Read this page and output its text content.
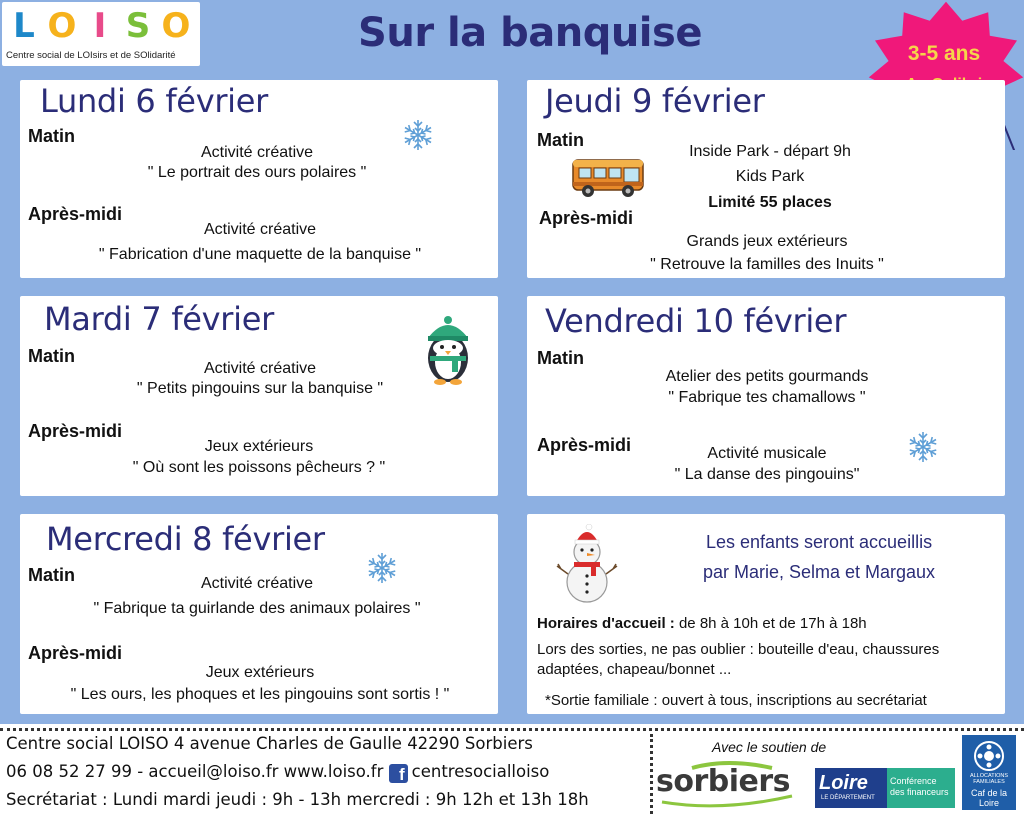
L O I S O
Centre social de LOIsirs et de SOlidarité	Sur la banquise	3-5 ans
Lundi 6 février
Matin
Activité créative
" Le portrait des ours polaires "
Après-midi
Activité créative
" Fabrication d'une maquette de la banquise "
Jeudi 9 février
Matin
Inside Park - départ 9h
Kids Park
Limité 55 places
Après-midi
Grands jeux extérieurs
" Retrouve la familles des Inuits "
Mardi 7 février
Matin
Activité créative
" Petits pingouins sur la banquise "
Après-midi
Jeux extérieurs
" Où sont les poissons pêcheurs ? "
Vendredi 10 février
Matin
Atelier des petits gourmands
" Fabrique tes chamallows "
Après-midi	Activité musicale
" La danse des pingouins"
Mercredi 8 février
Matin	Activité créative
" Fabrique ta guirlande des animaux polaires "
Après-midi
Jeux extérieurs
" Les ours, les phoques et les pingouins sont sortis ! "
Les enfants seront accueillis
par Marie, Selma et Margaux
Horaires d'accueil : de 8h à 10h et de 17h à 18h
Lors des sorties, ne pas oublier : bouteille d'eau, chaussures
adaptées, chapeau/bonnet ...
*Sortie familiale : ouvert à tous, inscriptions au secrétariat
Centre social LOISO 4 avenue Charles de Gaulle 42290 Sorbiers
06 08 52 27 99 - accueil@loiso.fr www.loiso.fr f centresocialloiso
Secrétariat : Lundi mardi jeudi : 9h - 13h mercredi : 9h 12h et 13h 18h
Avec le soutien de
sorbiers Loire
LE DÉPARTEMENT
Conférence des financeurs
ALLOCATIONS FAMILIALES
Caf de la Loire
